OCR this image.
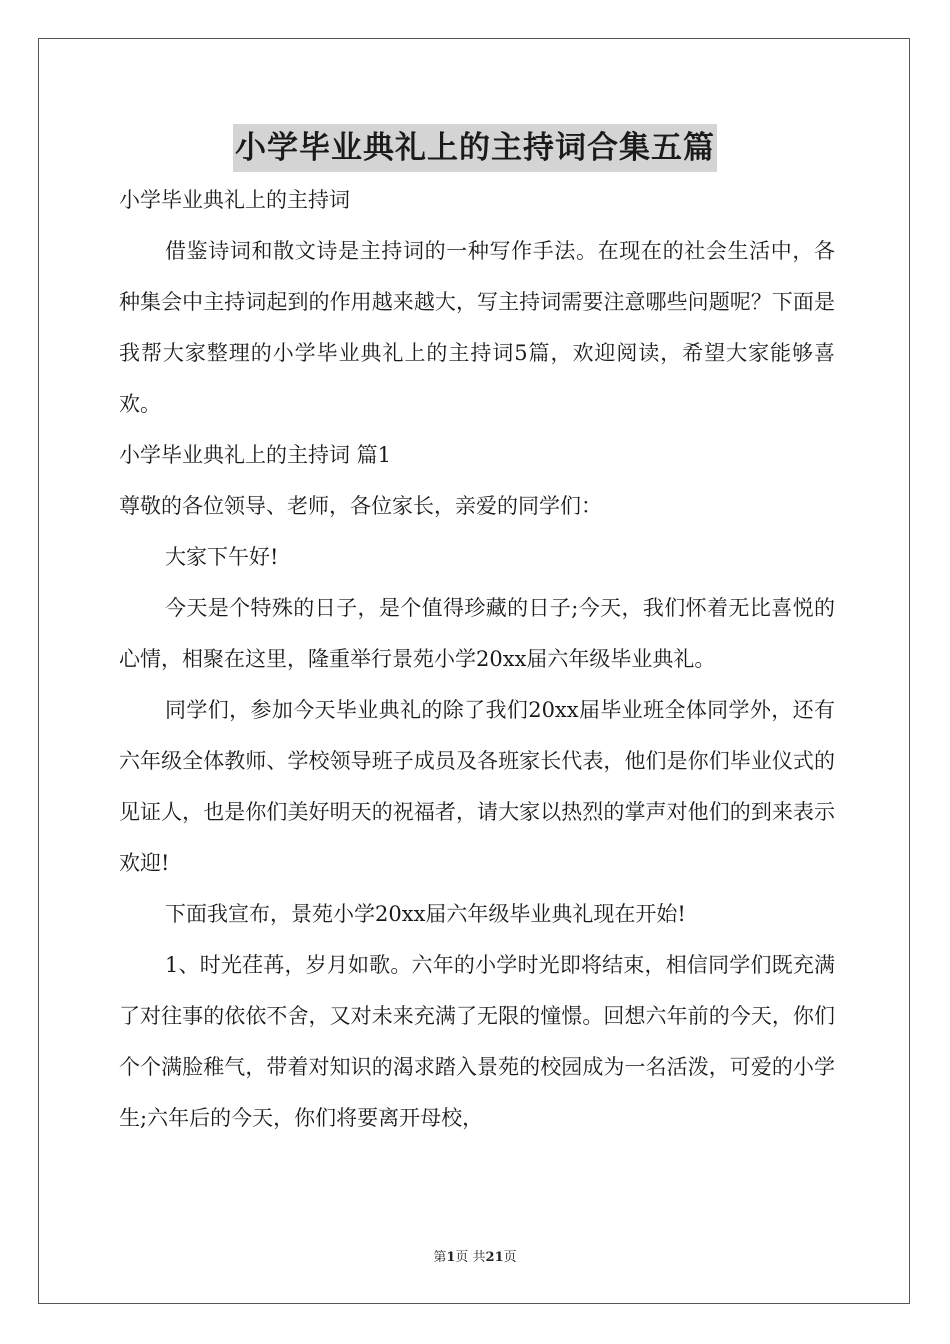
小学毕业典礼上的主持词合集五篇

小学毕业典礼上的主持词

借鉴诗词和散文诗是主持词的一种写作手法。在现在的社会生活中，各种集会中主持词起到的作用越来越大，写主持词需要注意哪些问题呢？下面是我帮大家整理的小学毕业典礼上的主持词5篇，欢迎阅读，希望大家能够喜欢。

小学毕业典礼上的主持词 篇1

尊敬的各位领导、老师，各位家长，亲爱的同学们：

大家下午好!

今天是个特殊的日子，是个值得珍藏的日子;今天，我们怀着无比喜悦的心情，相聚在这里，隆重举行景苑小学20xx届六年级毕业典礼。

同学们，参加今天毕业典礼的除了我们20xx届毕业班全体同学外，还有六年级全体教师、学校领导班子成员及各班家长代表，他们是你们毕业仪式的见证人，也是你们美好明天的祝福者，请大家以热烈的掌声对他们的到来表示欢迎!

下面我宣布，景苑小学20xx届六年级毕业典礼现在开始!

1、时光荏苒，岁月如歌。六年的小学时光即将结束，相信同学们既充满了对往事的依依不舍，又对未来充满了无限的憧憬。回想六年前的今天，你们个个满脸稚气，带着对知识的渴求踏入景苑的校园成为一名活泼，可爱的小学生;六年后的今天，你们将要离开母校，

第1页 共21页
